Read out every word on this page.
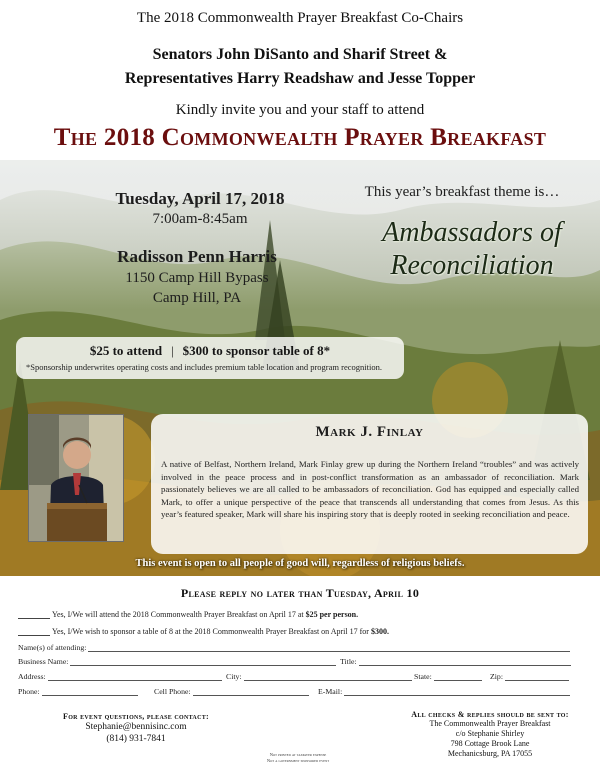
The 2018 Commonwealth Prayer Breakfast Co-Chairs
Senators John DiSanto and Sharif Street &
Representatives Harry Readshaw and Jesse Topper
Kindly invite you and your staff to attend
The 2018 Commonwealth Prayer Breakfast
Tuesday, April 17, 2018
7:00am-8:45am
Radisson Penn Harris
1150 Camp Hill Bypass
Camp Hill, PA
This year’s breakfast theme is…
Ambassadors of
Reconciliation
$25 to attend | $300 to sponsor table of 8*
*Sponsorship underwrites operating costs and includes premium table location and program recognition.
Mark J. Finlay
A native of Belfast, Northern Ireland, Mark Finlay grew up during the Northern Ireland “troubles” and was actively involved in the peace process and in post-conflict transformation as an ambassador of reconciliation. Mark passionately believes we are all called to be ambassadors of reconciliation. God has equipped and especially called Mark, to offer a unique perspective of the peace that transcends all understanding that comes from Jesus. As this year’s featured speaker, Mark will share his inspiring story that is deeply rooted in seeking reconciliation and peace.
This event is open to all people of good will, regardless of religious beliefs.
Please reply no later than Tuesday, April 10
Yes, I/We will attend the 2018 Commonwealth Prayer Breakfast on April 17 at $25 per person.
Yes, I/We wish to sponsor a table of 8 at the 2018 Commonwealth Prayer Breakfast on April 17 for $300.
Name(s) of attending:
Business Name:	Title:
Address:	City:	State:	Zip:
Phone:	Cell Phone:	E-Mail:
For event questions, please contact:
Stephanie@bennisinc.com
(814) 931-7841
All checks & replies should be sent to:
The Commonwealth Prayer Breakfast
c/o Stephanie Shirley
798 Cottage Brook Lane
Mechanicsburg, PA 17055
Not printed at taxpayer expense
Not a government sponsored event
